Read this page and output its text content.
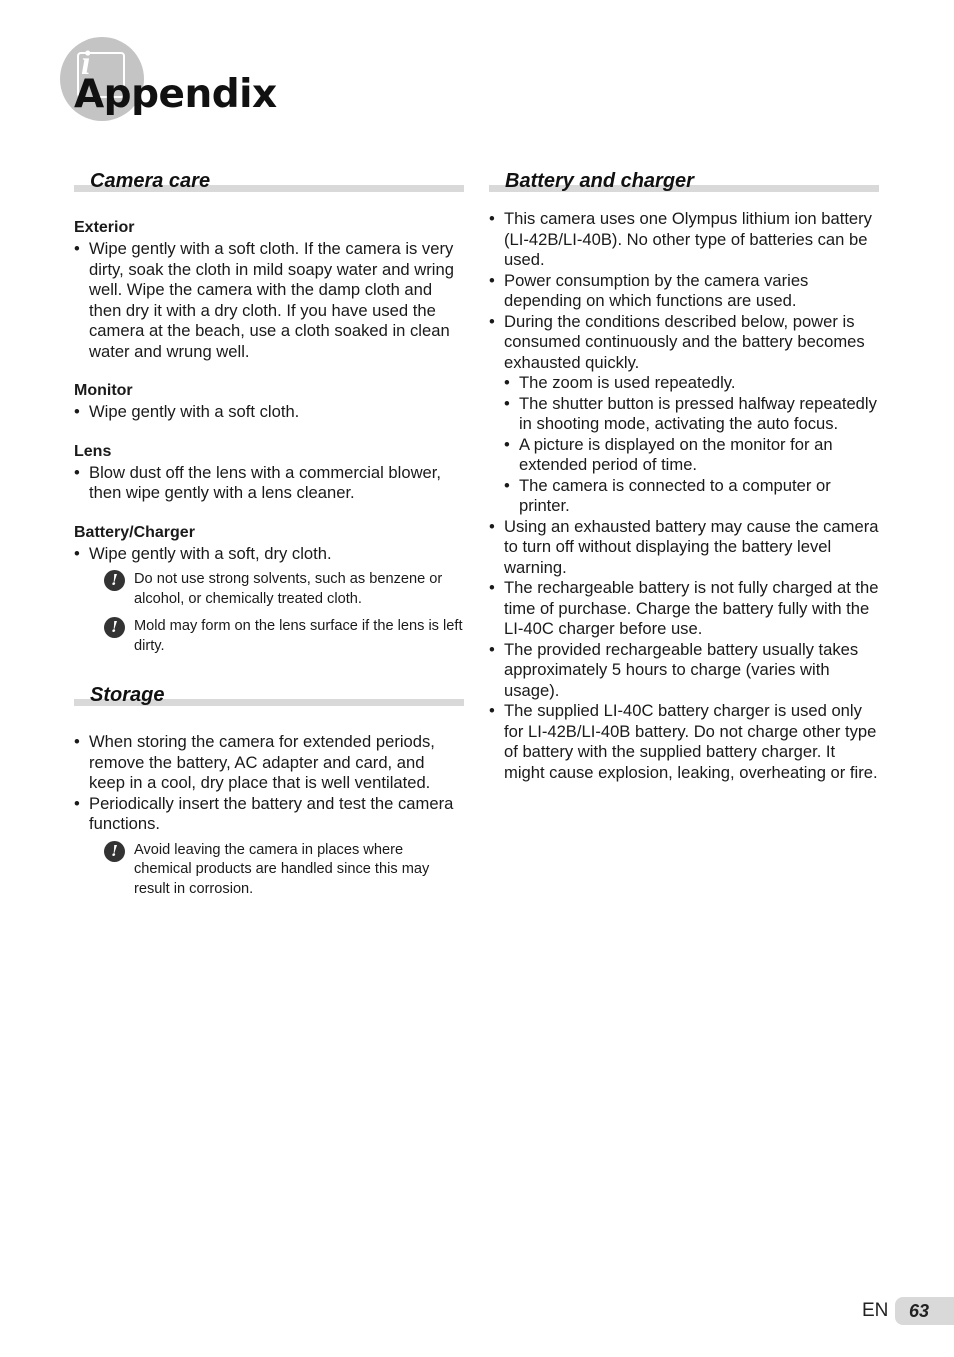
i
Appendix
Camera care
Exterior
• Wipe gently with a soft cloth. If the camera is very dirty, soak the cloth in mild soapy water and wring well. Wipe the camera with the damp cloth and then dry it with a dry cloth. If you have used the camera at the beach, use a cloth soaked in clean water and wrung well.
Monitor
• Wipe gently with a soft cloth.
Lens
• Blow dust off the lens with a commercial blower, then wipe gently with a lens cleaner.
Battery/Charger
• Wipe gently with a soft, dry cloth.
!	Do not use strong solvents, such as benzene or alcohol, or chemically treated cloth.
!	Mold may form on the lens surface if the lens is left dirty.
Storage
• When storing the camera for extended periods, remove the battery, AC adapter and card, and keep in a cool, dry place that is well ventilated.
• Periodically insert the battery and test the camera functions.
!	Avoid leaving the camera in places where chemical products are handled since this may result in corrosion.
Battery and charger
• This camera uses one Olympus lithium ion battery (LI-42B/LI-40B). No other type of batteries can be used.
• Power consumption by the camera varies depending on which functions are used.
• During the conditions described below, power is consumed continuously and the battery becomes exhausted quickly.
• The zoom is used repeatedly.
• The shutter button is pressed halfway repeatedly in shooting mode, activating the auto focus.
• A picture is displayed on the monitor for an extended period of time.
• The camera is connected to a computer or printer.
• Using an exhausted battery may cause the camera to turn off without displaying the battery level warning.
• The rechargeable battery is not fully charged at the time of purchase. Charge the battery fully with the LI-40C charger before use.
• The provided rechargeable battery usually takes approximately 5 hours to charge (varies with usage).
• The supplied LI-40C battery charger is used only for LI-42B/LI-40B battery. Do not charge other type of battery with the supplied battery charger. It might cause explosion, leaking, overheating or fire.
EN	63
